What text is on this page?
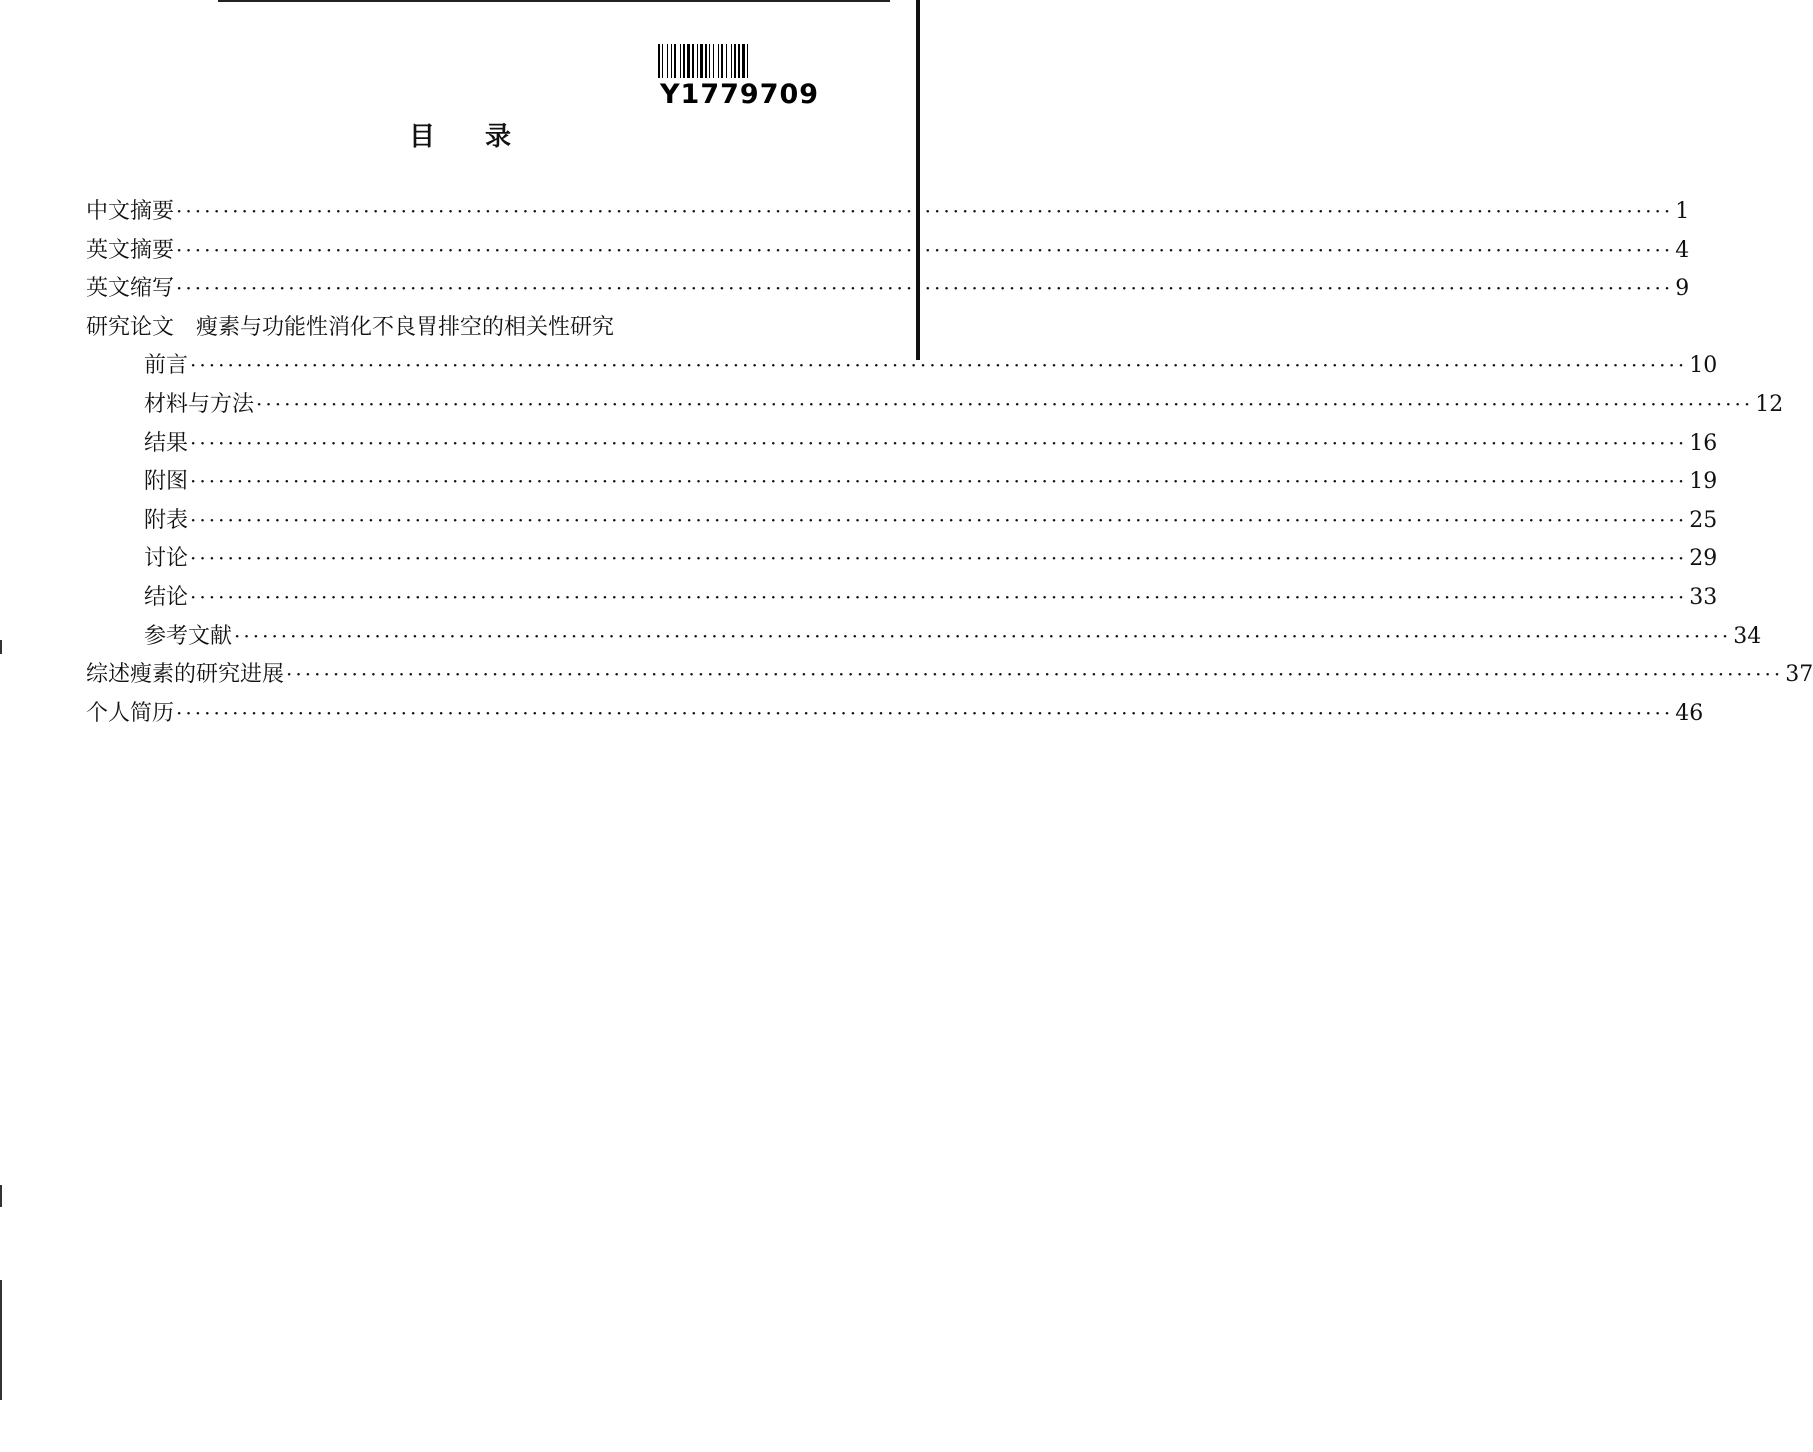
Y1779709
目录
中文摘要 ································································································································································ 1
英文摘要 ································································································································································ 4
英文缩写 ································································································································································ 9
研究论文 瘦素与功能性消化不良胃排空的相关性研究
前言 ································································································································································ 10
材料与方法 ································································································································································ 12
结果 ································································································································································ 16
附图 ································································································································································ 19
附表 ································································································································································ 25
讨论 ································································································································································ 29
结论 ································································································································································ 33
参考文献 ································································································································································ 34
综述 瘦素的研究进展 ································································································································································ 37
个人简历 ································································································································································ 46
